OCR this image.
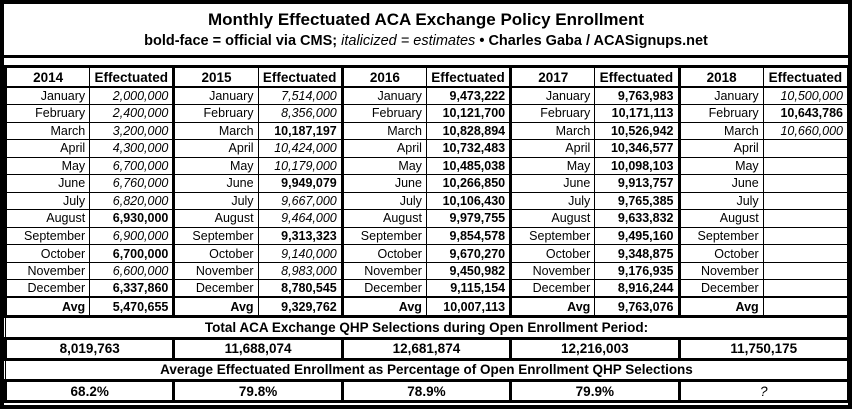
Monthly Effectuated ACA Exchange Policy Enrollment
bold-face = official via CMS; italicized = estimates • Charles Gaba / ACASignups.net
2014	Effectuated	2015	Effectuated	2016	Effectuated	2017	Effectuated	2018	Effectuated
January	2,000,000	January	7,514,000	January	9,473,222	January	9,763,983	January	10,500,000
February	2,400,000	February	8,356,000	February	10,121,700	February	10,171,113	February	10,643,786
March	3,200,000	March	10,187,197	March	10,828,894	March	10,526,942	March	10,660,000
April	4,300,000	April	10,424,000	April	10,732,483	April	10,346,577	April	
May	6,700,000	May	10,179,000	May	10,485,038	May	10,098,103	May	
June	6,760,000	June	9,949,079	June	10,266,850	June	9,913,757	June	
July	6,820,000	July	9,667,000	July	10,106,430	July	9,765,385	July	
August	6,930,000	August	9,464,000	August	9,979,755	August	9,633,832	August	
September	6,900,000	September	9,313,323	September	9,854,578	September	9,495,160	September	
October	6,700,000	October	9,140,000	October	9,670,270	October	9,348,875	October	
November	6,600,000	November	8,983,000	November	9,450,982	November	9,176,935	November	
December	6,337,860	December	8,780,545	December	9,115,154	December	8,916,244	December	
Avg	5,470,655	Avg	9,329,762	Avg	10,007,113	Avg	9,763,076	Avg	
Total ACA Exchange QHP Selections during Open Enrollment Period:									
8,019,763		11,688,074		12,681,874		12,216,003		11,750,175	
Average Effectuated Enrollment as Percentage of Open Enrollment QHP Selections									
68.2%		79.8%		78.9%		79.9%		?	
